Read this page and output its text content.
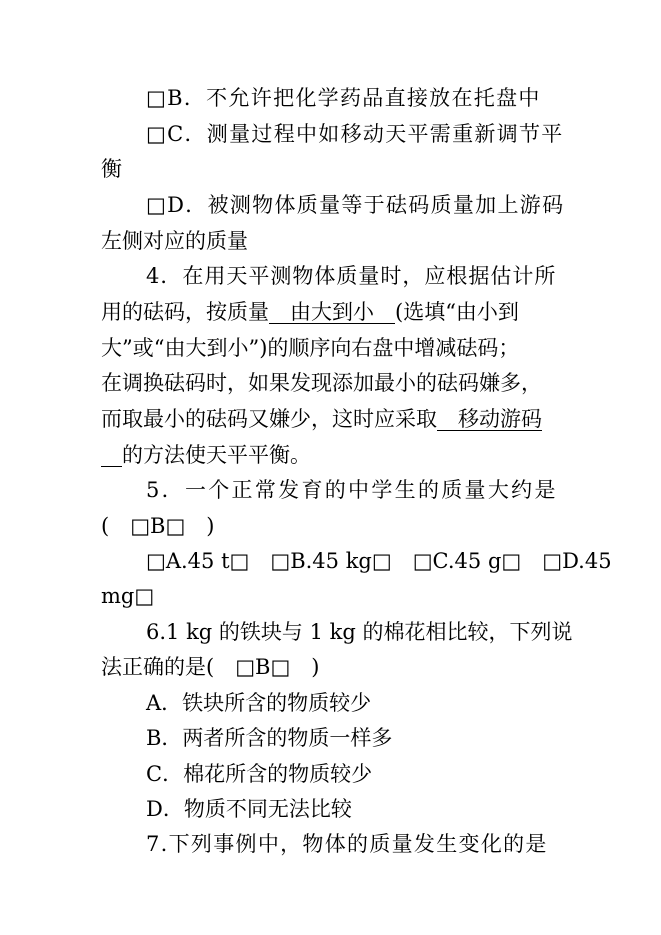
□B．不允许把化学药品直接放在托盘中
□C．测量过程中如移动天平需重新调节平
衡
□D．被测物体质量等于砝码质量加上游码
左侧对应的质量
4．在用天平测物体质量时，应根据估计所
用的砝码，按质量__由大到小__(选填“由小到
大”或“由大到小”)的顺序向右盘中增减砝码；
在调换砝码时，如果发现添加最小的砝码嫌多，
而取最小的砝码又嫌少，这时应采取__移动游码
__的方法使天平平衡。
5．一个正常发育的中学生的质量大约是
(　□B□　)
□A.45 t□　□B.45 kg□　□C.45 g□　□D.45
mg□
6.1 kg 的铁块与 1 kg 的棉花相比较，下列说
法正确的是(　□B□　)
A．铁块所含的物质较少
B．两者所含的物质一样多
C．棉花所含的物质较少
D．物质不同无法比较
7.下列事例中，物体的质量发生变化的是
